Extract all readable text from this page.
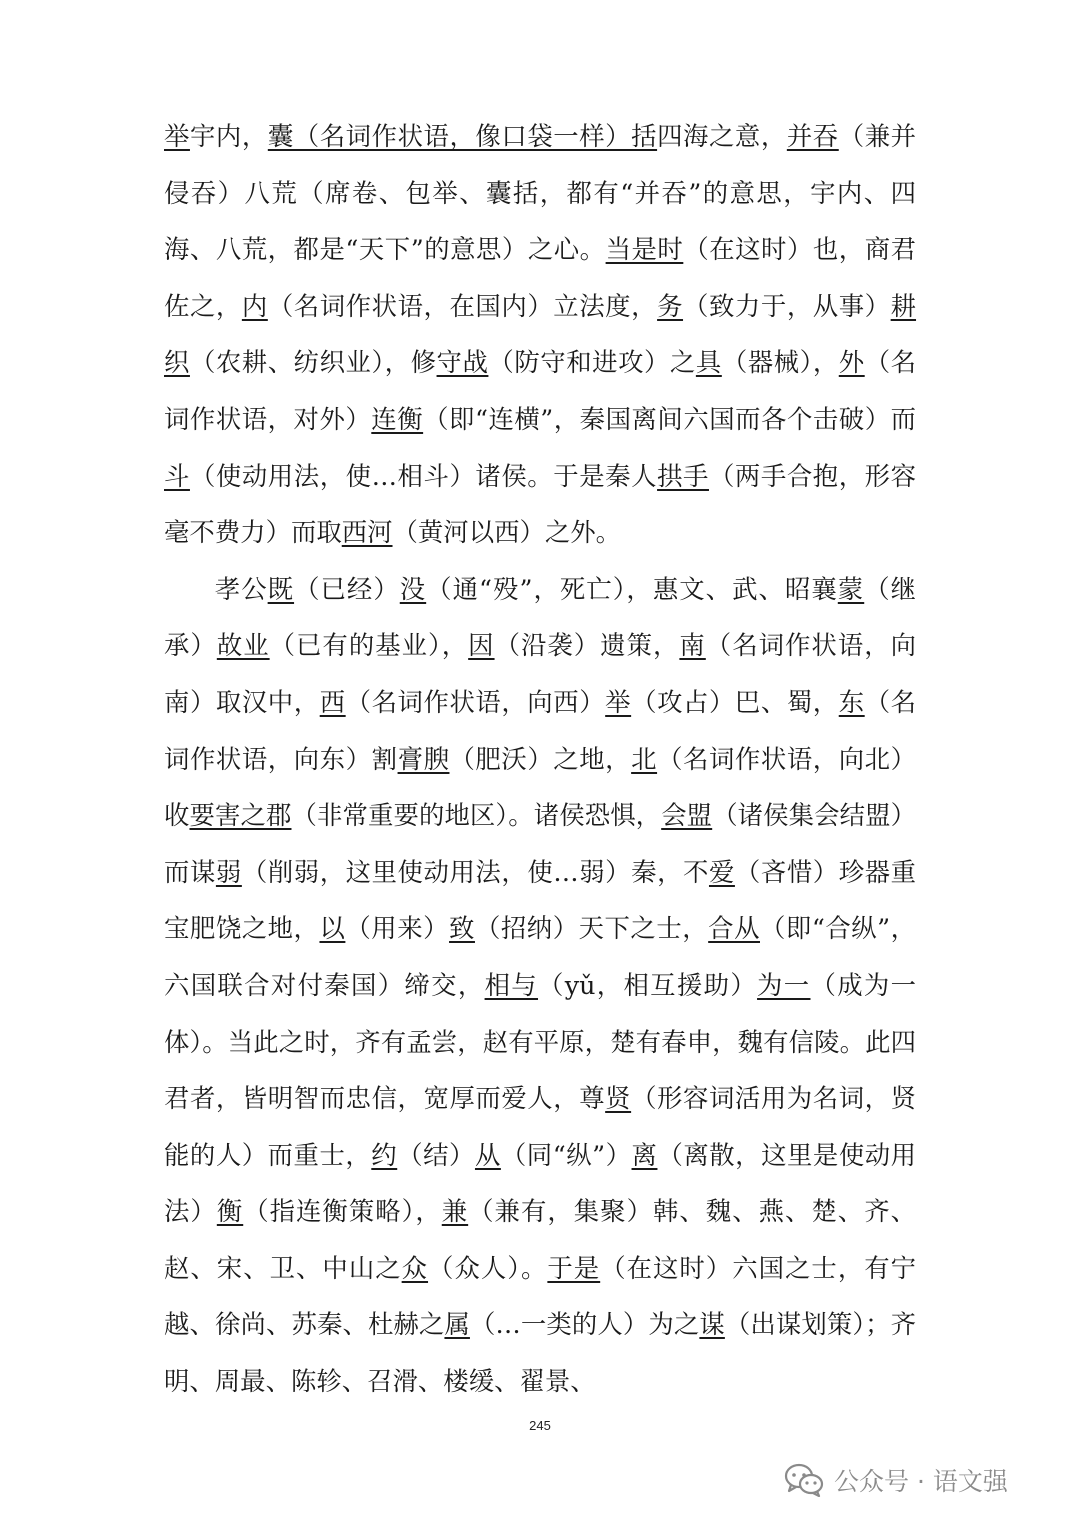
举宇内，囊（名词作状语，像口袋一样）括四海之意，并吞（兼并侵吞）八荒（席卷、包举、囊括，都有“并吞”的意思，宇内、四海、八荒，都是“天下”的意思）之心。当是时（在这时）也，商君佐之，内（名词作状语，在国内）立法度，务（致力于，从事）耕织（农耕、纺织业），修守战（防守和进攻）之具（器械），外（名词作状语，对外）连衡（即“连横”，秦国离间六国而各个击破）而斗（使动用法，使…相斗）诸侯。于是秦人拱手（两手合抱，形容毫不费力）而取西河（黄河以西）之外。

孝公既（已经）没（通“殁”，死亡），惠文、武、昭襄蒙（继承）故业（已有的基业），因（沿袭）遗策，南（名词作状语，向南）取汉中，西（名词作状语，向西）举（攻占）巴、蜀，东（名词作状语，向东）割膏腴（肥沃）之地，北（名词作状语，向北）收要害之郡（非常重要的地区）。诸侯恐惧，会盟（诸侯集会结盟）而谋弱（削弱，这里使动用法，使…弱）秦，不爱（吝惜）珍器重宝肥饶之地，以（用来）致（招纳）天下之士，合从（即“合纵”，六国联合对付秦国）缔交，相与（yǔ，相互援助）为一（成为一体）。当此之时，齐有孟尝，赵有平原，楚有春申，魏有信陵。此四君者，皆明智而忠信，宽厚而爱人，尊贤（形容词活用为名词，贤能的人）而重士，约（结）从（同“纵”）离（离散，这里是使动用法）衡（指连衡策略），兼（兼有，集聚）韩、魏、燕、楚、齐、赵、宋、卫、中山之众（众人）。于是（在这时）六国之士，有宁越、徐尚、苏秦、杜赫之属（…一类的人）为之谋（出谋划策）；齐明、周最、陈轸、召滑、楼缓、翟景、

245
公众号 · 语文强
